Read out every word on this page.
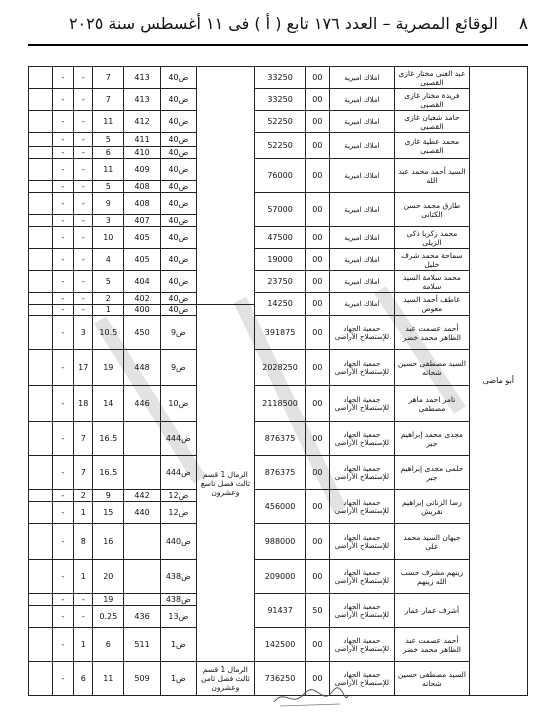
٨
الوقائع المصرية – العدد ١٧٦ تابع ( أ ) فى ١١ أغسطس سنة ٢٠٢٥
أبو ماضى	عبد الغنى مختار غازى القصبى	املاك اميرية	00	33250		ض40	413	7	-	-	
	فريدة مختار غازى القصبى	املاك اميرية	00	33250		ض40	413	7	-	-	
	حامد شعبان غازى القصبى	املاك اميرية	00	52250		ض40	412	11	-	-	
	محمد عطية غازى القصبى	املاك اميرية	00	52250		ض40	411	5	-	-	
						ض40	410	6	-	-	
	السيد أحمد محمد عبد الله	املاك اميرية	00	76000		ض40	409	11	-	-	
						ض40	408	5	-	-	
	طارق محمد حسن الكتانى	املاك اميرية	00	57000		ض40	408	9	-	-	
						ض40	407	3	-	-	
	محمد زكريا ذكى الزيلى	املاك اميرية	00	47500		ض40	405	10	-	-	
	سماحة محمد شرف خليل	املاك اميرية	00	19000		ض40	405	4	-	-	
	محمد سلامة السيد سلامة	املاك اميرية	00	23750		ض40	404	5	-	-	
	عاطف أحمد السيد معوض	املاك اميرية	00	14250		ض40	402	2	-	-	
					الرمال 1 قسم ثالث فصل تاسع وعشرون	ض40	400	1	-	-	
	أحمد عصمت عبد الظاهر محمد خضر	جمعية الجهاد للإستصلاح الأراضى	00	391875		ض9	450	10.5	3	-	
	السيد مصطفى حسين شحاته	جمعية الجهاد للإستصلاح الأراضى	00	2028250		ض9	448	19	17	-	
	تامر احمد ماهر مصطفى	جمعية الجهاد للإستصلاح الأراضى	00	2118500		ض10	446	14	18	-	
	مجدى محمد إبراهيم جبر	جمعية الجهاد للإستصلاح الأراضى	00	876375		ض444		16.5	7	-	
	حلمى مجدى إبراهيم جبر	جمعية الجهاد للإستصلاح الأراضى	00	876375		ض444		16.5	7	-	
	رضا الزناتى إبراهيم نقريش	جمعية الجهاد للإستصلاح الأراضى	00	456000		ض12	442	9	2	-	
						ض12	440	15	1	-	
	جيهان السيد محمد على	جمعية الجهاد للإستصلاح الأراضى	00	988000		ض440		16	8	-	
	زينهم مشرف حسب الله زينهم	جمعية الجهاد للإستصلاح الأراضى	00	209000		ض438		20	1	-	
	أشرف عمار عمار	جمعية الجهاد للإستصلاح الأراضى	50	91437		ض438		19	-	-	
						ض13	436	0.25	-	-	
	أحمد عصمت عبد الظاهر محمد خضر	جمعية الجهاد للإستصلاح الأراضى	00	142500		ض1	511	6	1	-	
	السيد مصطفى حسين شحاته	جمعية الجهاد للإستصلاح الأراضى	00	736250	الرمال 1 قسم ثالث فصل ثامن وعشرون	ض1	509	11	6	-	
